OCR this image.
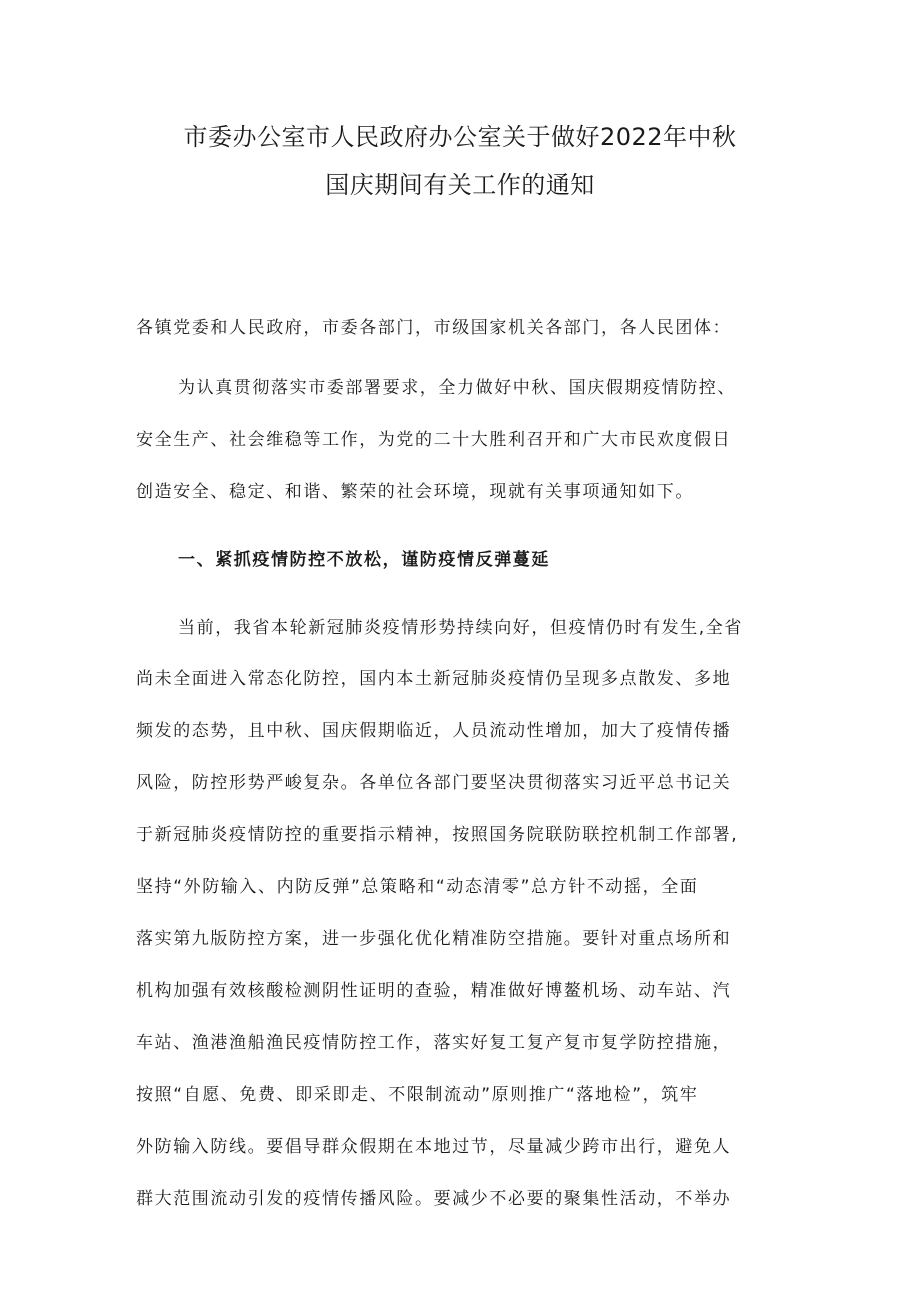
市委办公室市人民政府办公室关于做好2022年中秋
国庆期间有关工作的通知
各镇党委和人民政府，市委各部门，市级国家机关各部门，各人民团体：
为认真贯彻落实市委部署要求，全力做好中秋、国庆假期疫情防控、
安全生产、社会维稳等工作，为党的二十大胜利召开和广大市民欢度假日
创造安全、稳定、和谐、繁荣的社会环境，现就有关事项通知如下。
一、紧抓疫情防控不放松，谨防疫情反弹蔓延
当前，我省本轮新冠肺炎疫情形势持续向好，但疫情仍时有发生,全省
尚未全面进入常态化防控，国内本土新冠肺炎疫情仍呈现多点散发、多地
频发的态势，且中秋、国庆假期临近，人员流动性增加，加大了疫情传播
风险，防控形势严峻复杂。各单位各部门要坚决贯彻落实习近平总书记关
于新冠肺炎疫情防控的重要指示精神，按照国务院联防联控机制工作部署,
坚持“外防输入、内防反弹”总策略和“动态清零”总方针不动摇，全面
落实第九版防控方案，进一步强化优化精准防空措施。要针对重点场所和
机构加强有效核酸检测阴性证明的查验，精准做好博鳌机场、动车站、汽
车站、渔港渔船渔民疫情防控工作，落实好复工复产复市复学防控措施，
按照“自愿、免费、即采即走、不限制流动”原则推广“落地检”，筑牢
外防输入防线。要倡导群众假期在本地过节，尽量减少跨市出行，避免人
群大范围流动引发的疫情传播风险。要减少不必要的聚集性活动，不举办
